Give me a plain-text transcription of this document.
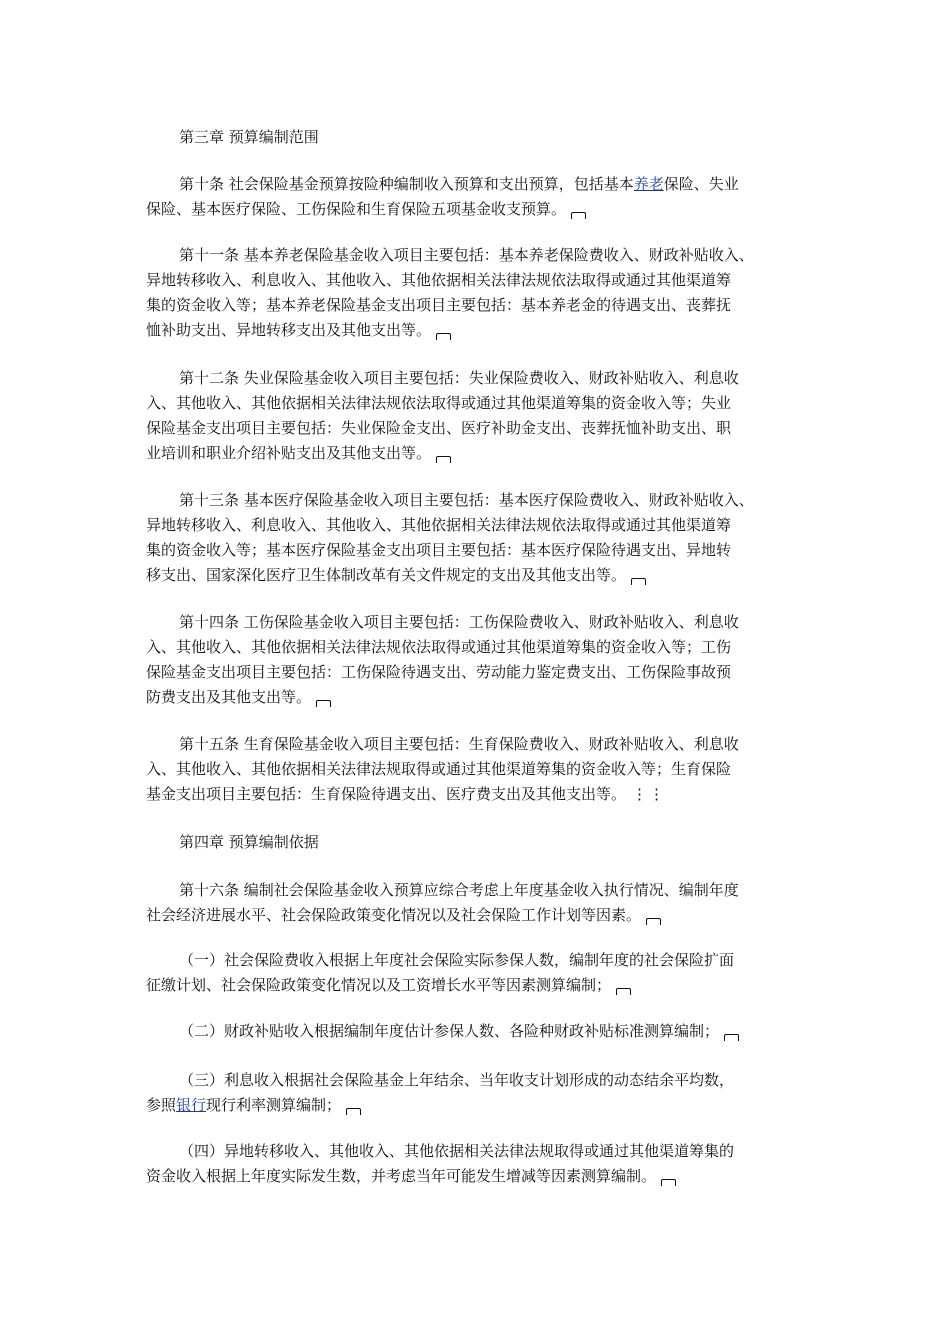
第三章 预算编制范围
第十条 社会保险基金预算按险种编制收入预算和支出预算，包括基本养老保险、失业
保险、基本医疗保险、工伤保险和生育保险五项基金收支预算。
第十一条 基本养老保险基金收入项目主要包括：基本养老保险费收入、财政补贴收入、
异地转移收入、利息收入、其他收入、其他依据相关法律法规依法取得或通过其他渠道筹
集的资金收入等；基本养老保险基金支出项目主要包括：基本养老金的待遇支出、丧葬抚
恤补助支出、异地转移支出及其他支出等。
第十二条 失业保险基金收入项目主要包括：失业保险费收入、财政补贴收入、利息收
入、其他收入、其他依据相关法律法规依法取得或通过其他渠道筹集的资金收入等；失业
保险基金支出项目主要包括：失业保险金支出、医疗补助金支出、丧葬抚恤补助支出、职
业培训和职业介绍补贴支出及其他支出等。
第十三条 基本医疗保险基金收入项目主要包括：基本医疗保险费收入、财政补贴收入、
异地转移收入、利息收入、其他收入、其他依据相关法律法规依法取得或通过其他渠道筹
集的资金收入等；基本医疗保险基金支出项目主要包括：基本医疗保险待遇支出、异地转
移支出、国家深化医疗卫生体制改革有关文件规定的支出及其他支出等。
第十四条 工伤保险基金收入项目主要包括：工伤保险费收入、财政补贴收入、利息收
入、其他收入、其他依据相关法律法规依法取得或通过其他渠道筹集的资金收入等；工伤
保险基金支出项目主要包括：工伤保险待遇支出、劳动能力鉴定费支出、工伤保险事故预
防费支出及其他支出等。
第十五条 生育保险基金收入项目主要包括：生育保险费收入、财政补贴收入、利息收
入、其他收入、其他依据相关法律法规取得或通过其他渠道筹集的资金收入等；生育保险
基金支出项目主要包括：生育保险待遇支出、医疗费支出及其他支出等。 ⋮⋮
第四章 预算编制依据
第十六条 编制社会保险基金收入预算应综合考虑上年度基金收入执行情况、编制年度
社会经济进展水平、社会保险政策变化情况以及社会保险工作计划等因素。
（一）社会保险费收入根据上年度社会保险实际参保人数，编制年度的社会保险扩面
征缴计划、社会保险政策变化情况以及工资增长水平等因素测算编制；
（二）财政补贴收入根据编制年度估计参保人数、各险种财政补贴标准测算编制；
（三）利息收入根据社会保险基金上年结余、当年收支计划形成的动态结余平均数，
参照银行现行利率测算编制；
（四）异地转移收入、其他收入、其他依据相关法律法规取得或通过其他渠道筹集的
资金收入根据上年度实际发生数，并考虑当年可能发生增减等因素测算编制。
